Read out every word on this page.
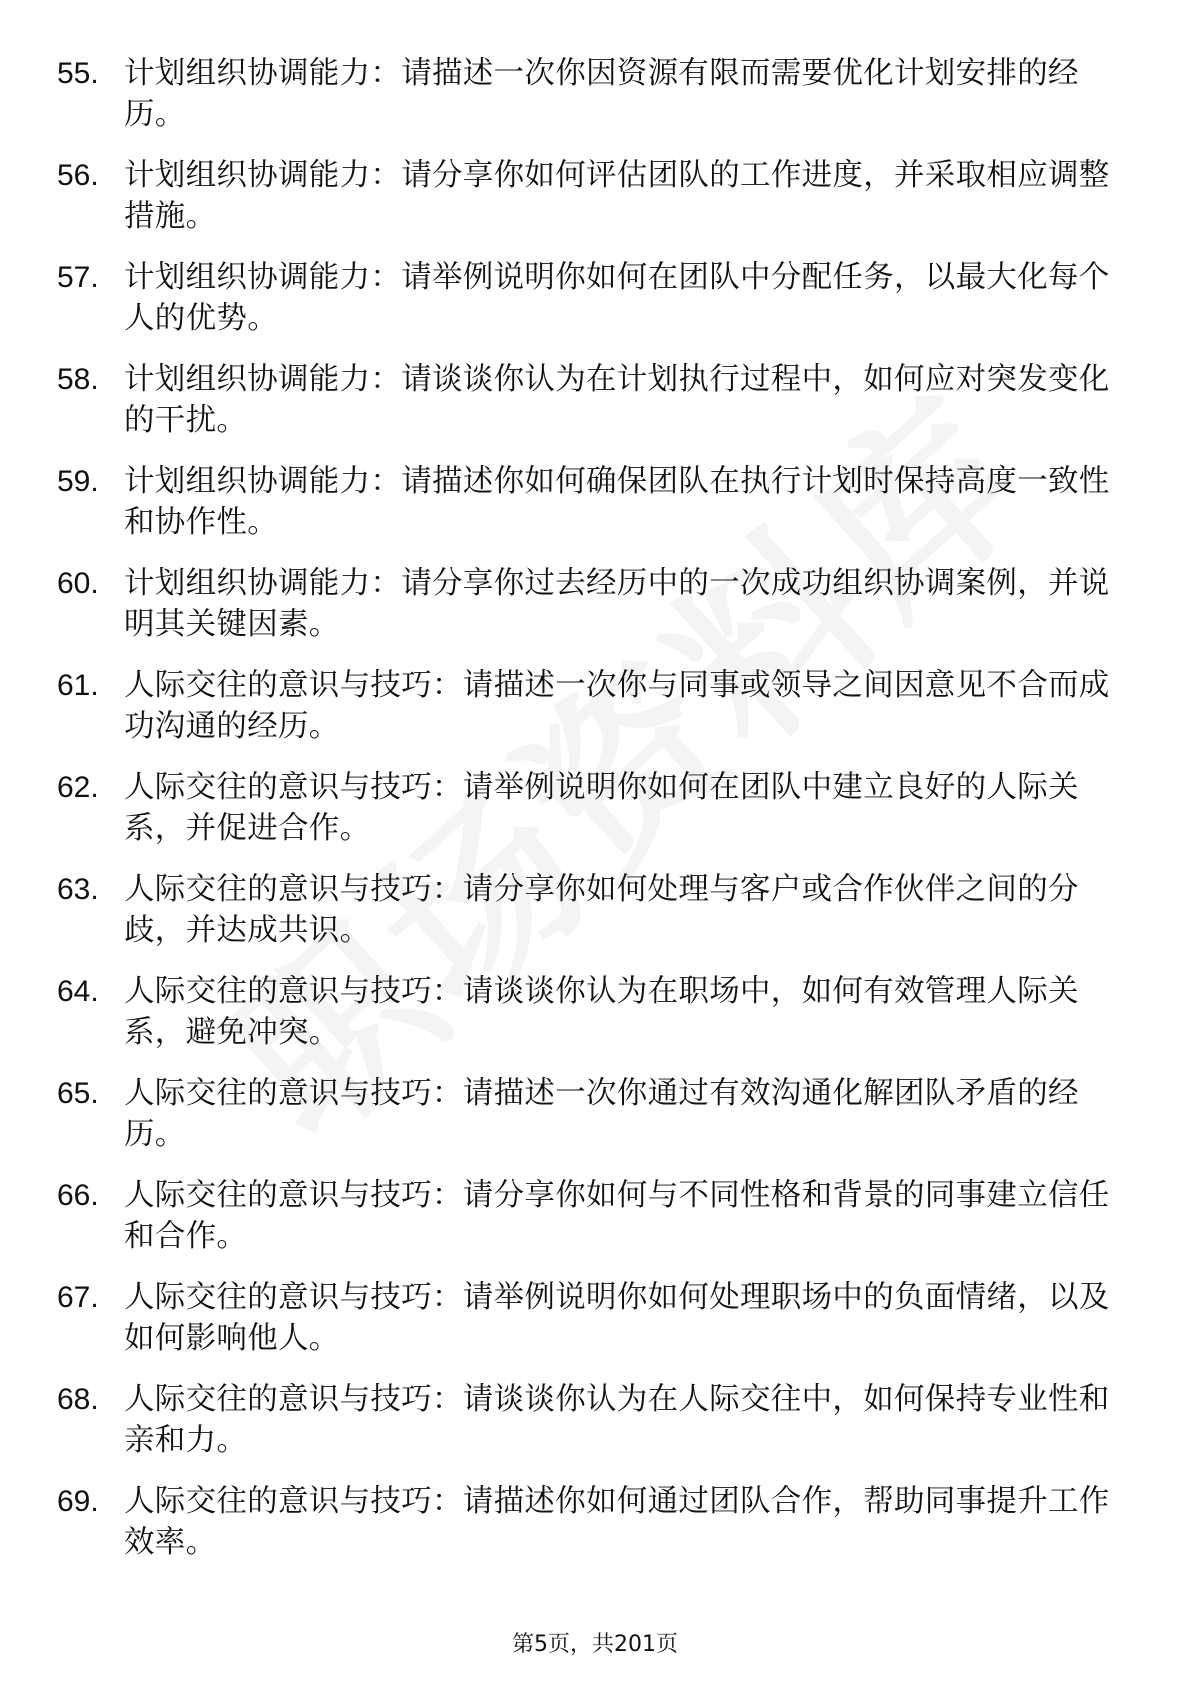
55. 计划组织协调能力：请描述一次你因资源有限而需要优化计划安排的经历。
56. 计划组织协调能力：请分享你如何评估团队的工作进度，并采取相应调整措施。
57. 计划组织协调能力：请举例说明你如何在团队中分配任务，以最大化每个人的优势。
58. 计划组织协调能力：请谈谈你认为在计划执行过程中，如何应对突发变化的干扰。
59. 计划组织协调能力：请描述你如何确保团队在执行计划时保持高度一致性和协作性。
60. 计划组织协调能力：请分享你过去经历中的一次成功组织协调案例，并说明其关键因素。
61. 人际交往的意识与技巧：请描述一次你与同事或领导之间因意见不合而成功沟通的经历。
62. 人际交往的意识与技巧：请举例说明你如何在团队中建立良好的人际关系，并促进合作。
63. 人际交往的意识与技巧：请分享你如何处理与客户或合作伙伴之间的分歧，并达成共识。
64. 人际交往的意识与技巧：请谈谈你认为在职场中，如何有效管理人际关系，避免冲突。
65. 人际交往的意识与技巧：请描述一次你通过有效沟通化解团队矛盾的经历。
66. 人际交往的意识与技巧：请分享你如何与不同性格和背景的同事建立信任和合作。
67. 人际交往的意识与技巧：请举例说明你如何处理职场中的负面情绪，以及如何影响他人。
68. 人际交往的意识与技巧：请谈谈你认为在人际交往中，如何保持专业性和亲和力。
69. 人际交往的意识与技巧：请描述你如何通过团队合作，帮助同事提升工作效率。
第5页，共201页
